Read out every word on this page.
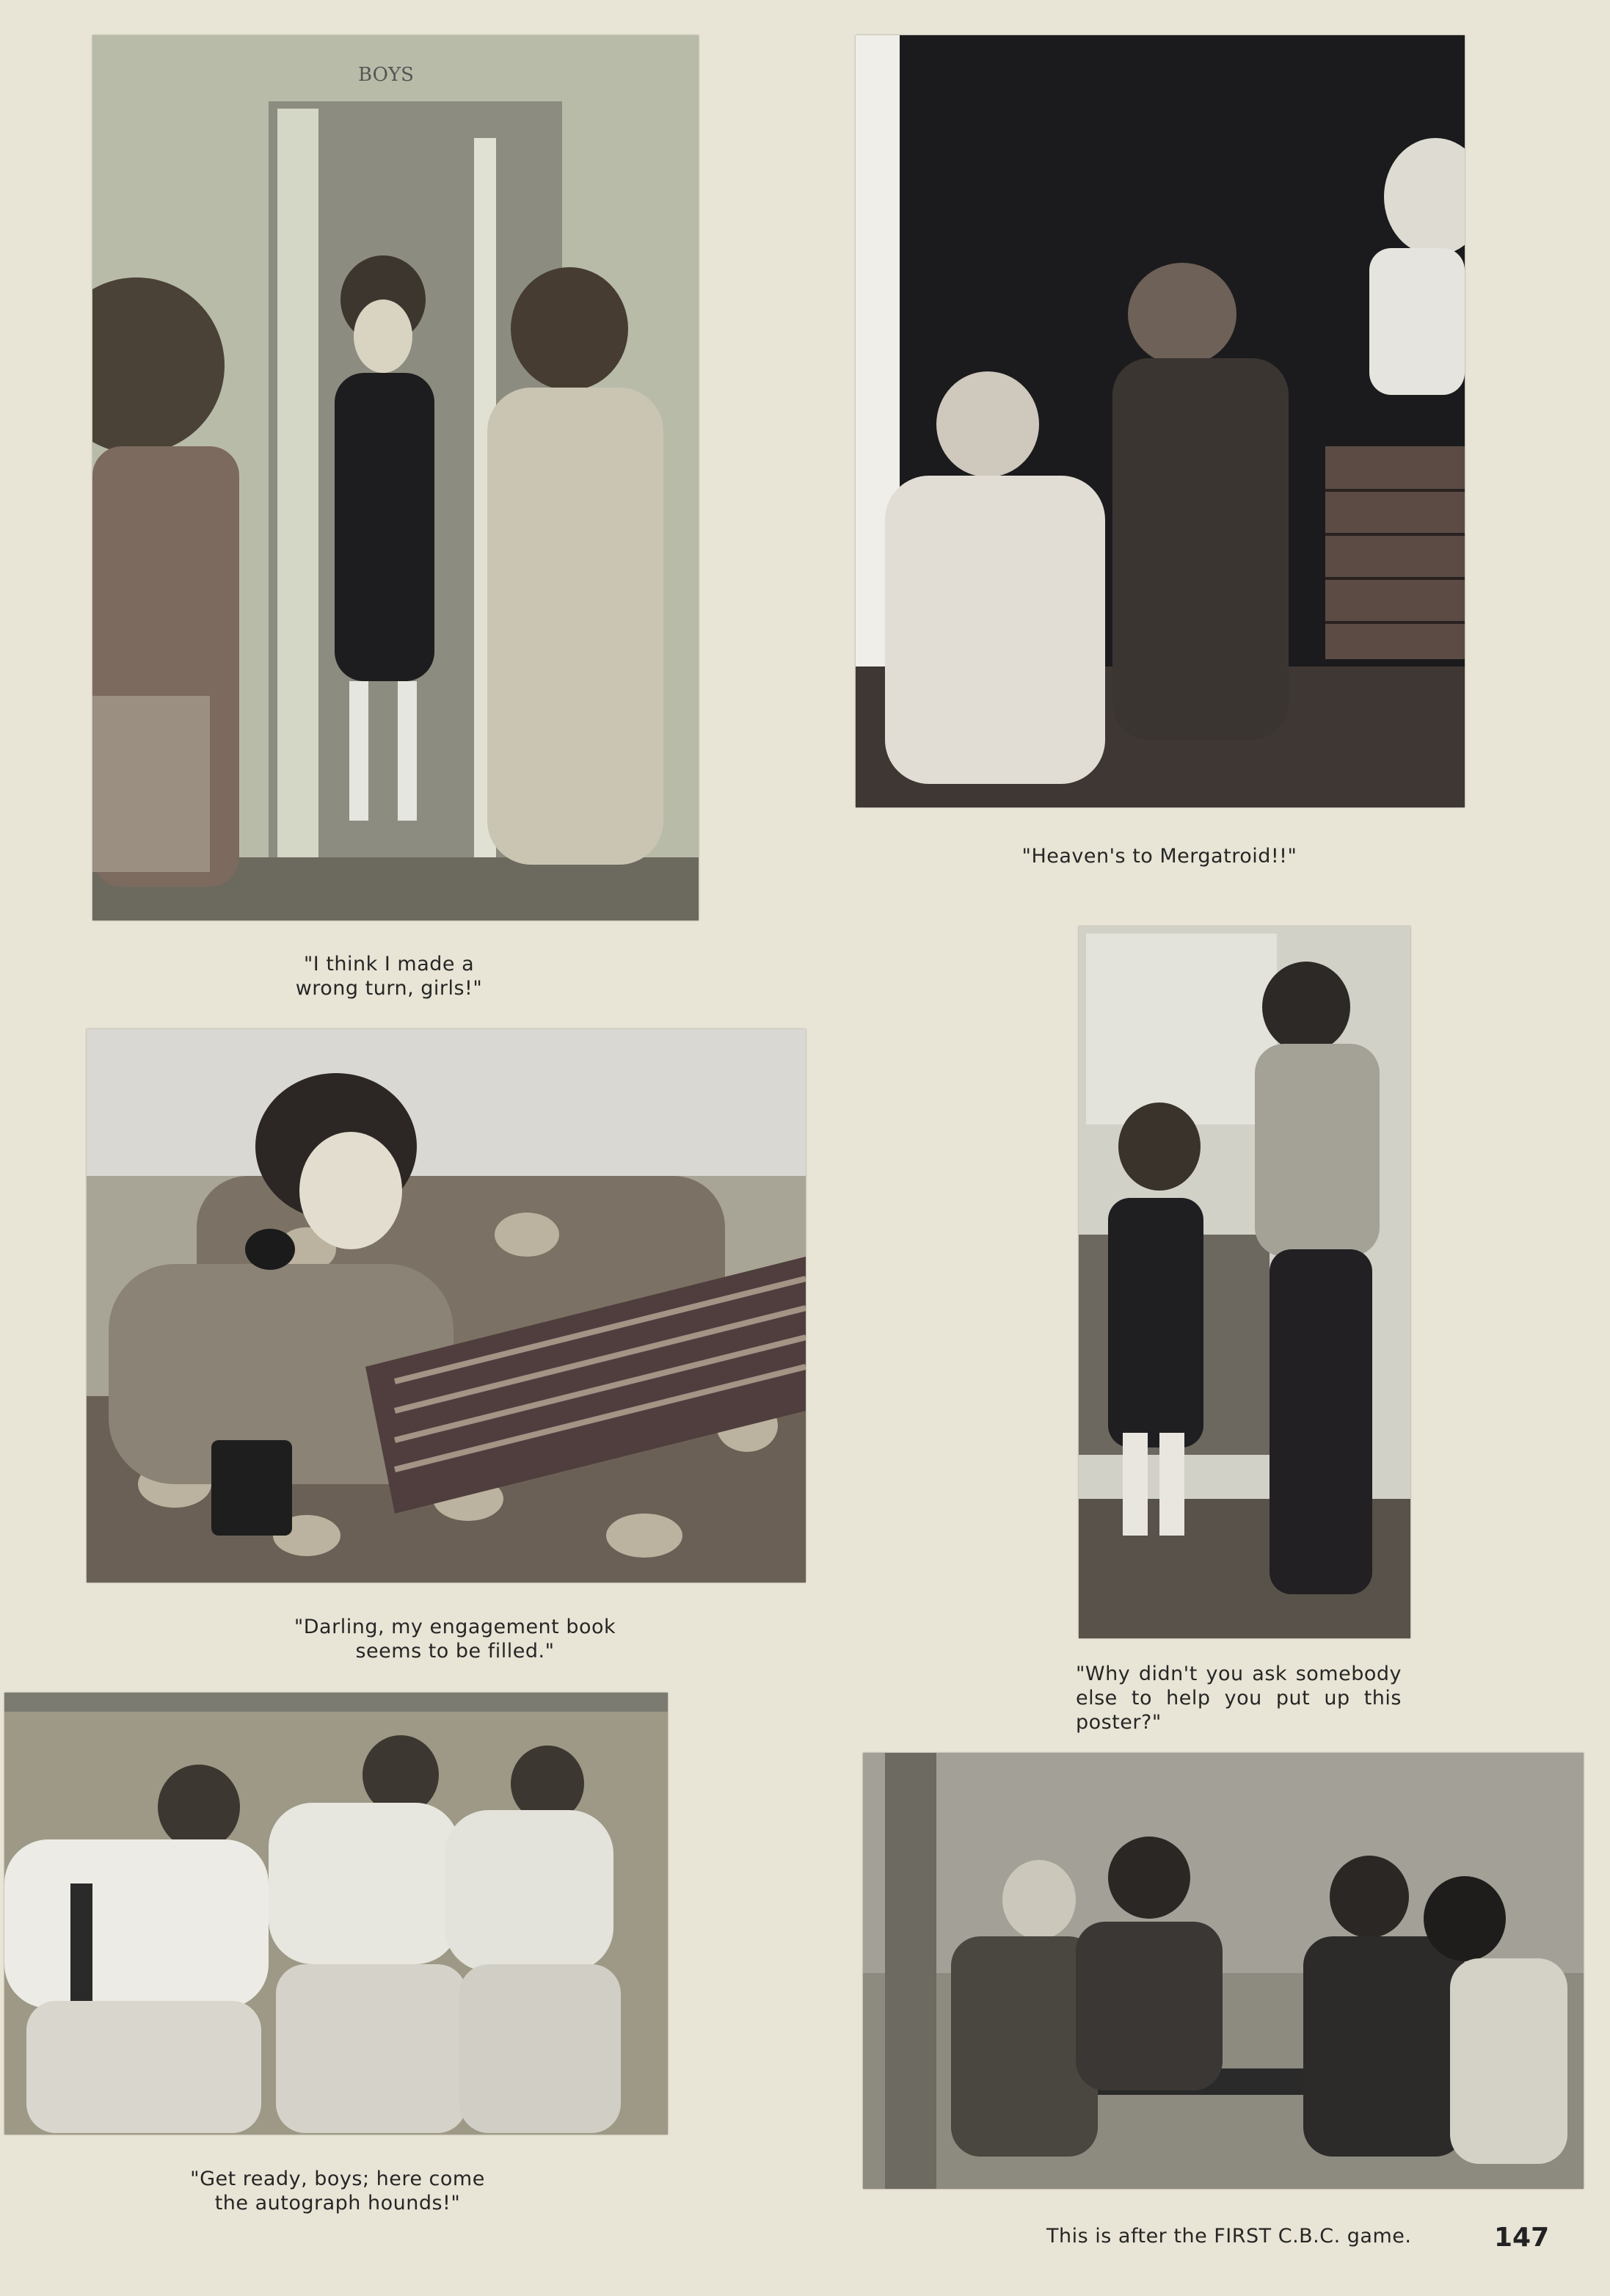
BOYS
"I think I made a
wrong turn, girls!"
"Heaven's to Mergatroid!!"
"Darling, my engagement book
seems to be filled."
"Why didn't you ask somebody else to help you put up this poster?"
"Get ready, boys; here come
the autograph hounds!"
This is after the FIRST C.B.C. game.	147
